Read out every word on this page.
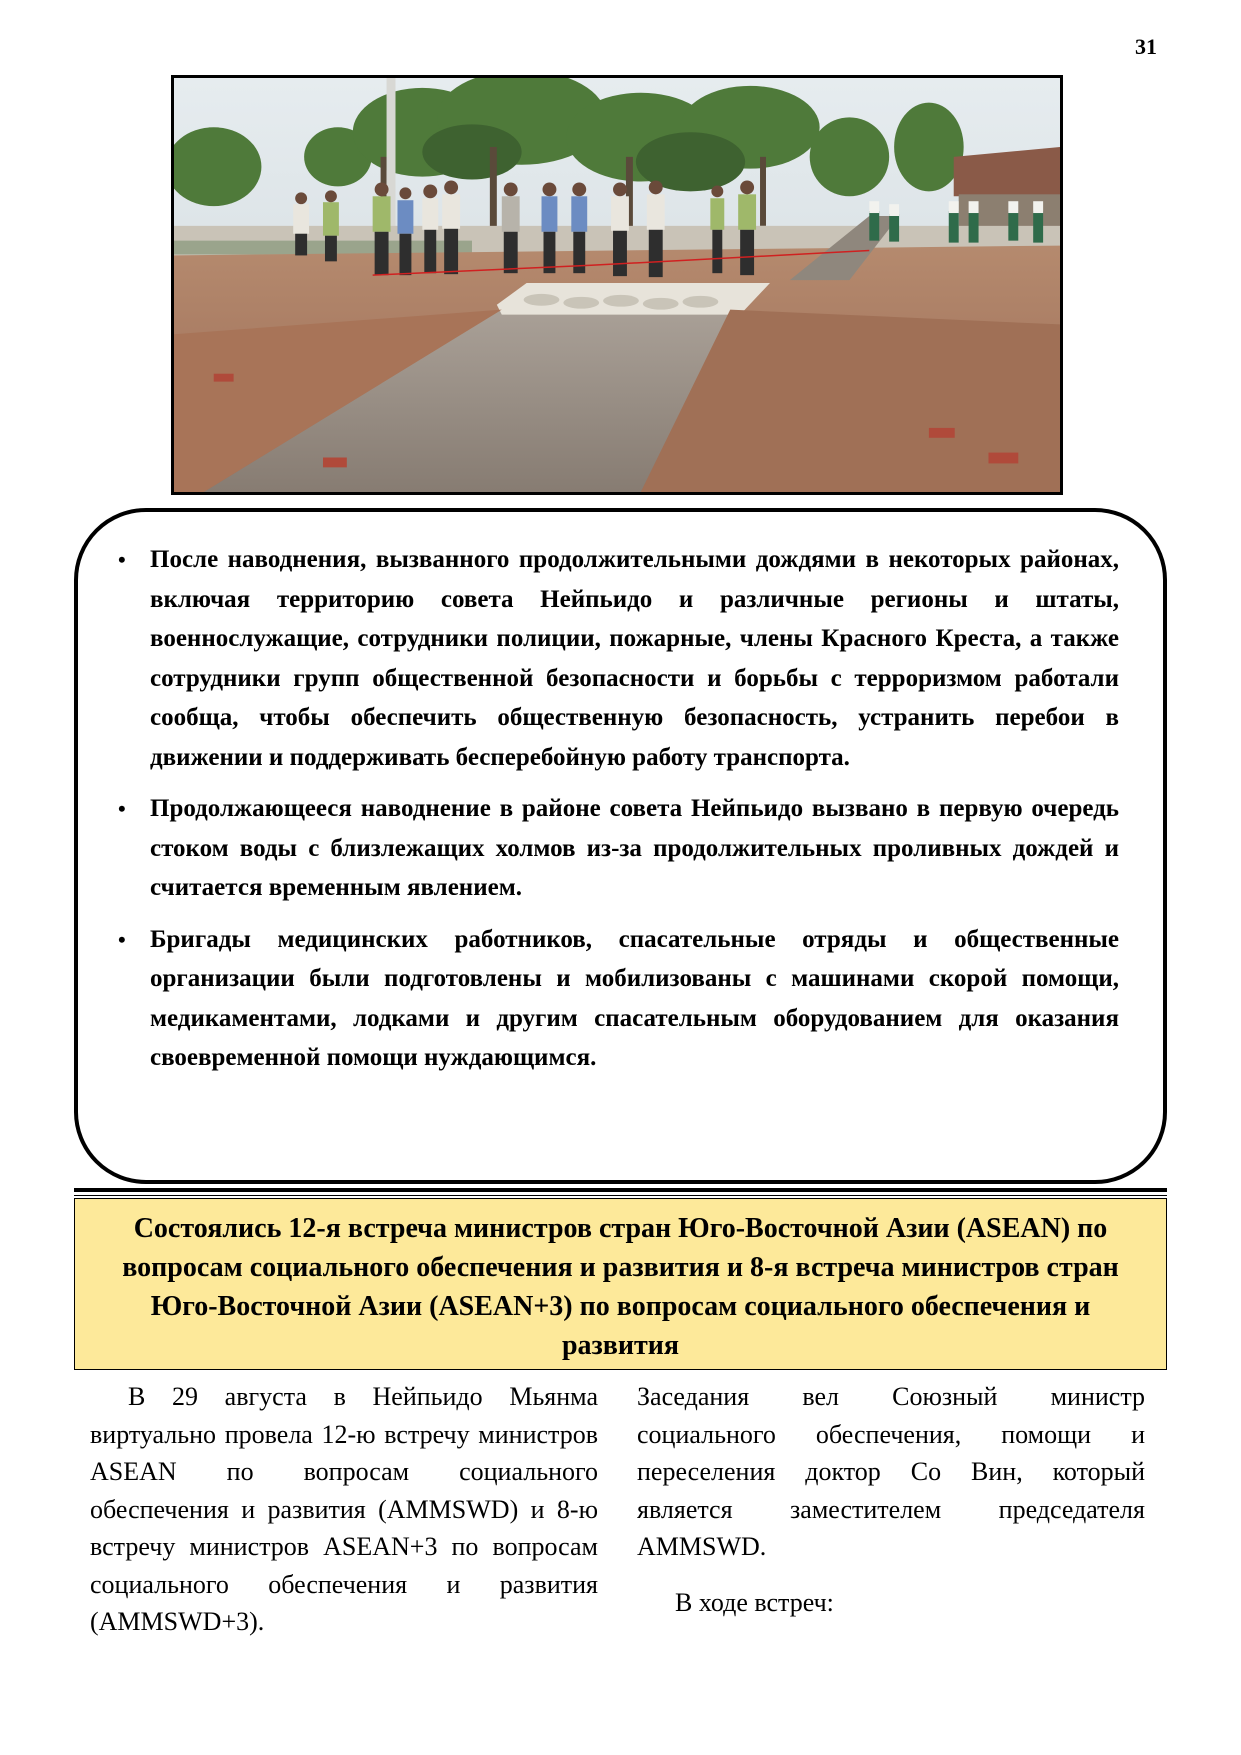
31
• После наводнения, вызванного продолжительными дождями в некоторых районах, включая территорию совета Нейпьидо и различные регионы и штаты, военнослужащие, сотрудники полиции, пожарные, члены Красного Креста, а также сотрудники групп общественной безопасности и борьбы с терроризмом работали сообща, чтобы обеспечить общественную безопасность, устранить перебои в движении и поддерживать бесперебойную работу транспорта.
• Продолжающееся наводнение в районе совета Нейпьидо вызвано в первую очередь стоком воды с близлежащих холмов из-за продолжительных проливных дождей и считается временным явлением.
• Бригады медицинских работников, спасательные отряды и общественные организации были подготовлены и мобилизованы с машинами скорой помощи, медикаментами, лодками и другим спасательным оборудованием для оказания своевременной помощи нуждающимся.
Состоялись 12-я встреча министров стран Юго-Восточной Азии (ASEAN) по вопросам социального обеспечения и развития и 8-я встреча министров стран Юго-Восточной Азии (ASEAN+3) по вопросам социального обеспечения и развития

В 29 августа в Нейпьидо Мьянма виртуально провела 12-ю встречу министров ASEAN по вопросам социального обеспечения и развития (AMMSWD) и 8-ю встречу министров ASEAN+3 по вопросам социального обеспечения и развития (AMMSWD+3).

Заседания вел Союзный министр социального обеспечения, помощи и переселения доктор Со Вин, который является заместителем председателя AMMSWD.

В ходе встреч:
